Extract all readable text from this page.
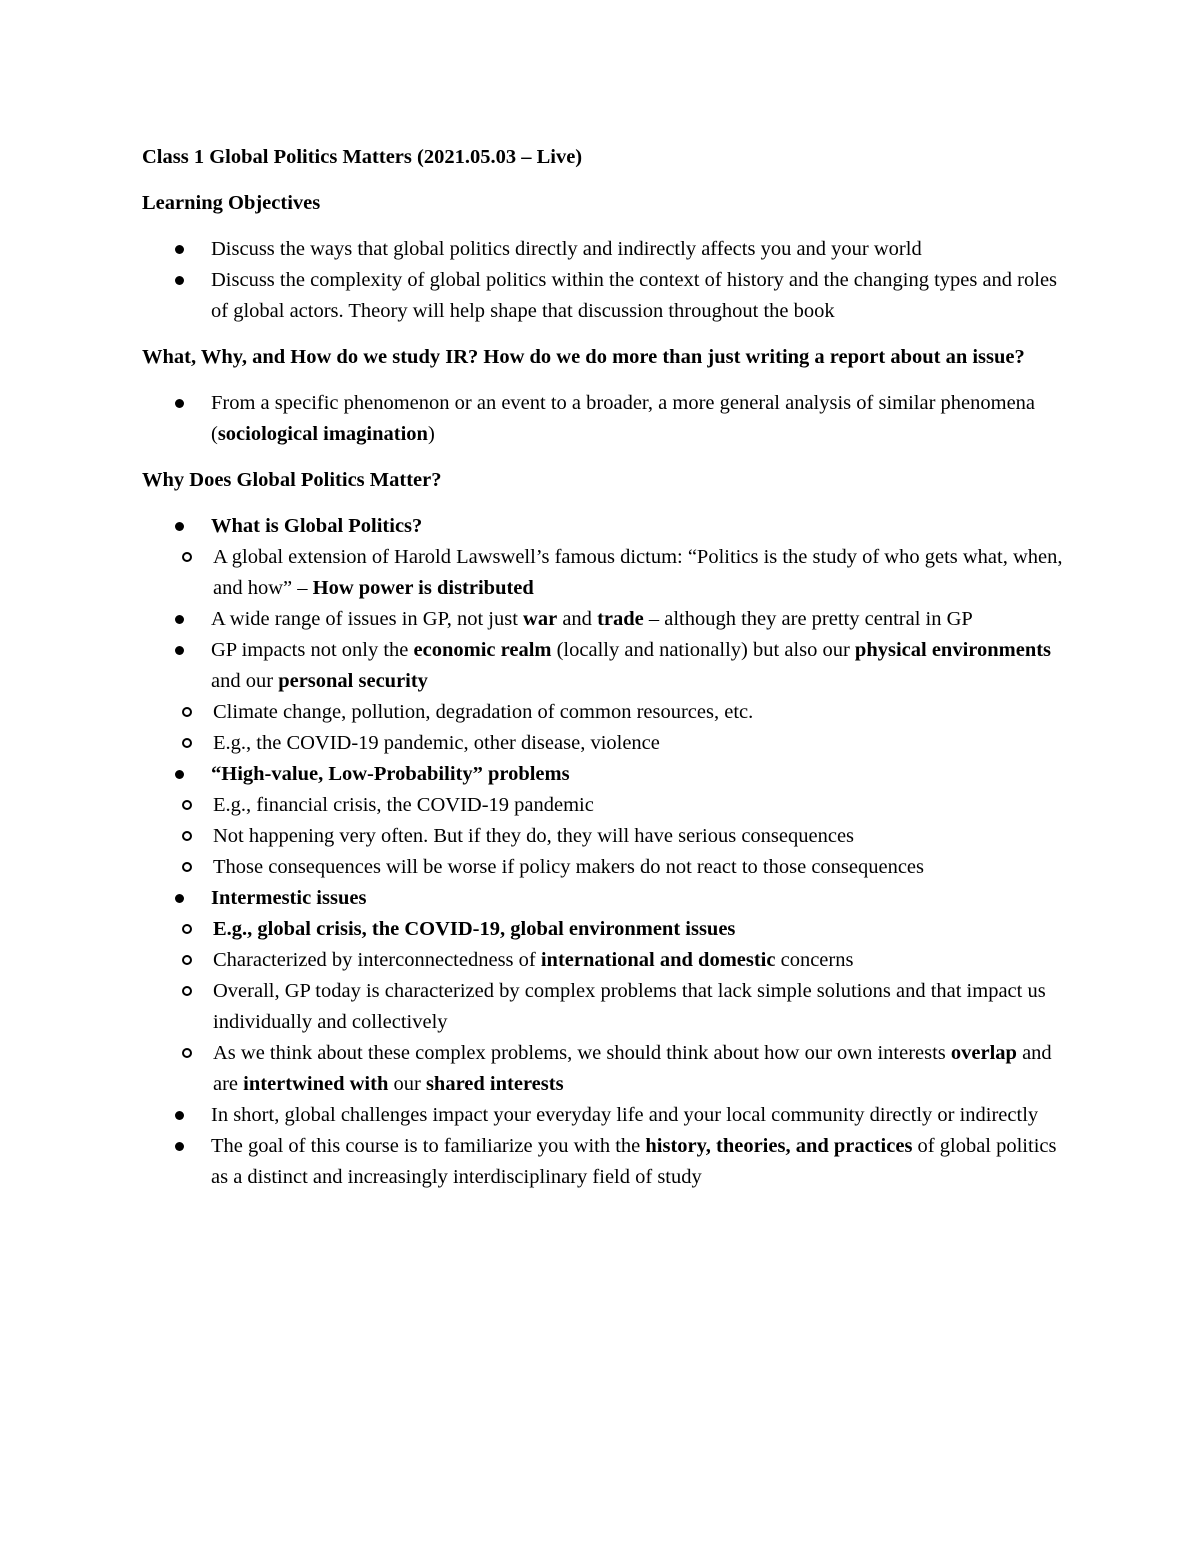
Class 1 Global Politics Matters (2021.05.03 – Live)

Learning Objectives

Discuss the ways that global politics directly and indirectly affects you and your world
Discuss the complexity of global politics within the context of history and the changing types and roles of global actors. Theory will help shape that discussion throughout the book

What, Why, and How do we study IR? How do we do more than just writing a report about an issue?

From a specific phenomenon or an event to a broader, a more general analysis of similar phenomena (sociological imagination)

Why Does Global Politics Matter?

What is Global Politics?
A global extension of Harold Lawswell’s famous dictum: “Politics is the study of who gets what, when, and how” – How power is distributed
A wide range of issues in GP, not just war and trade – although they are pretty central in GP
GP impacts not only the economic realm (locally and nationally) but also our physical environments and our personal security
Climate change, pollution, degradation of common resources, etc.
E.g., the COVID-19 pandemic, other disease, violence
“High-value, Low-Probability” problems
E.g., financial crisis, the COVID-19 pandemic
Not happening very often. But if they do, they will have serious consequences
Those consequences will be worse if policy makers do not react to those consequences
Intermestic issues
E.g., global crisis, the COVID-19, global environment issues
Characterized by interconnectedness of international and domestic concerns
Overall, GP today is characterized by complex problems that lack simple solutions and that impact us individually and collectively
As we think about these complex problems, we should think about how our own interests overlap and are intertwined with our shared interests
In short, global challenges impact your everyday life and your local community directly or indirectly
The goal of this course is to familiarize you with the history, theories, and practices of global politics as a distinct and increasingly interdisciplinary field of study
